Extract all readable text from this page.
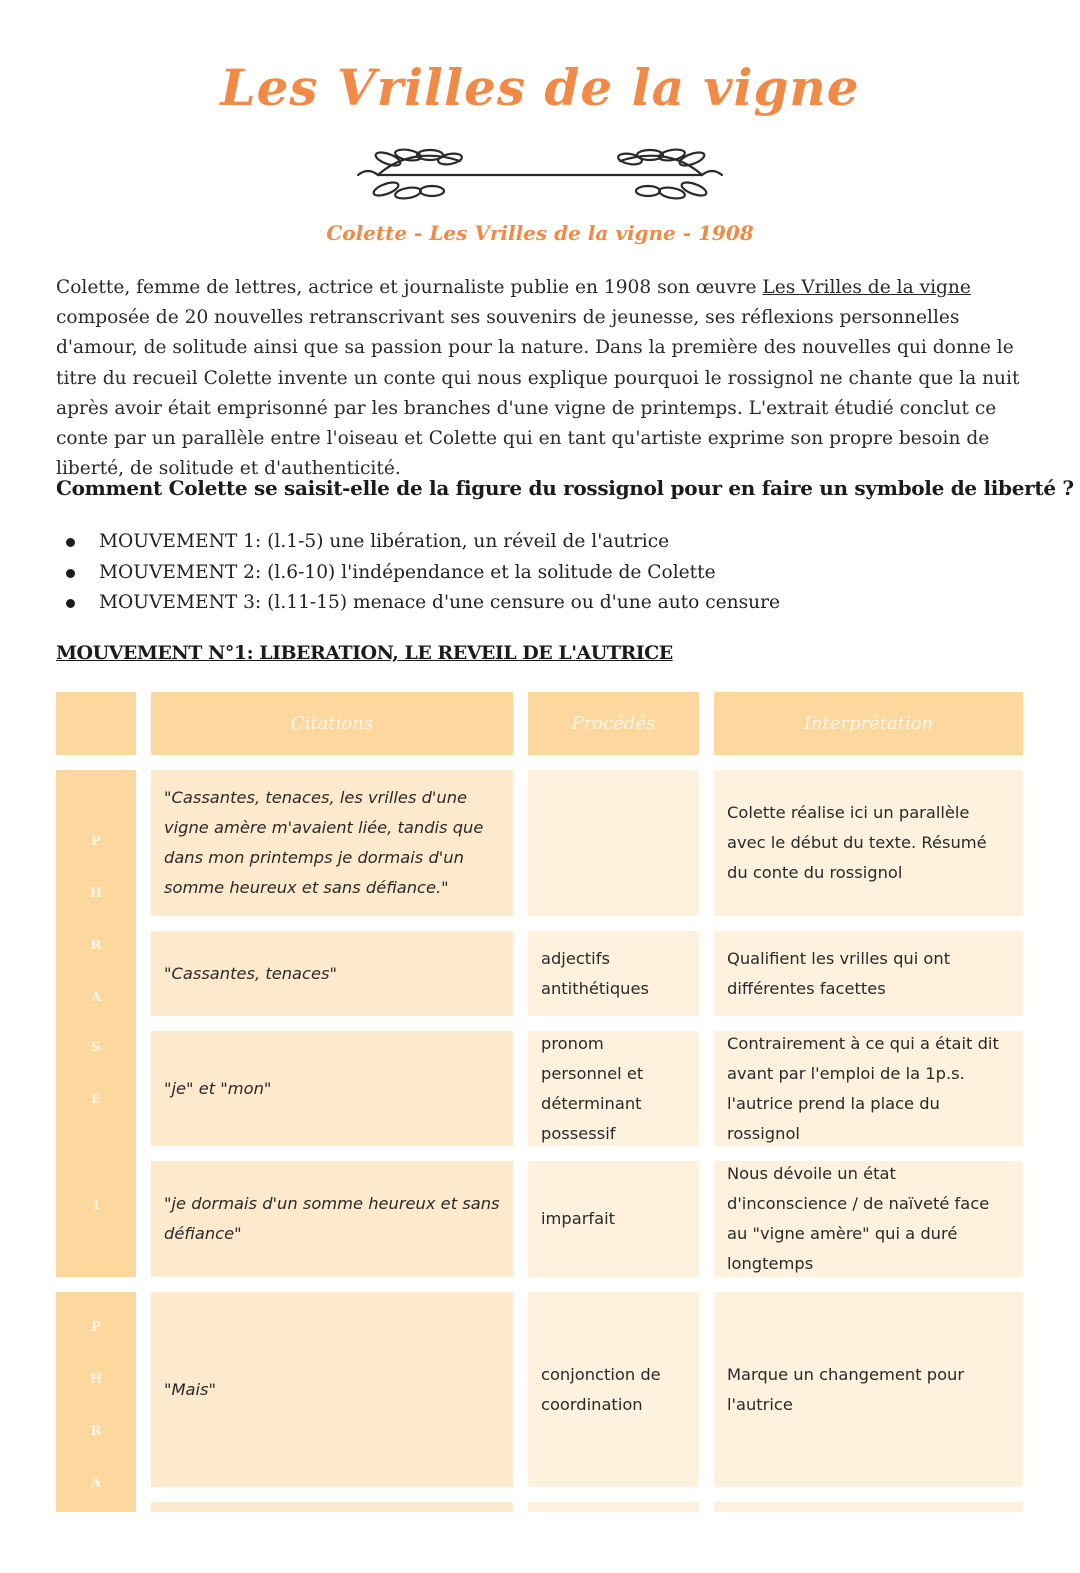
Les Vrilles de la vigne
Colette - Les Vrilles de la vigne - 1908
Colette, femme de lettres, actrice et journaliste publie en 1908 son œuvre Les Vrilles de la vigne composée de 20 nouvelles retranscrivant ses souvenirs de jeunesse, ses réflexions personnelles d'amour, de solitude ainsi que sa passion pour la nature. Dans la première des nouvelles qui donne le titre du recueil Colette invente un conte qui nous explique pourquoi le rossignol ne chante que la nuit après avoir était emprisonné par les branches d'une vigne de printemps. L'extrait étudié conclut ce conte par un parallèle entre l'oiseau et Colette qui en tant qu'artiste exprime son propre besoin de liberté, de solitude et d'authenticité.
Comment Colette se saisit-elle de la figure du rossignol pour en faire un symbole de liberté ?
MOUVEMENT 1: (l.1-5) une libération, un réveil de l'autrice
MOUVEMENT 2: (l.6-10) l'indépendance et la solitude de Colette
MOUVEMENT 3: (l.11-15) menace d'une censure ou d'une auto censure
MOUVEMENT N°1: LIBERATION, LE REVEIL DE L'AUTRICE
Citations	Procédés	Interprétation
P
H
R
A
S
E
1
"Cassantes, tenaces, les vrilles d'une vigne amère m'avaient liée, tandis que dans mon printemps je dormais d'un somme heureux et sans défiance."
Colette réalise ici un parallèle avec le début du texte. Résumé du conte du rossignol
"Cassantes, tenaces"
adjectifs antithétiques
Qualifient les vrilles qui ont différentes facettes
"je" et "mon"
pronom personnel et déterminant possessif
Contrairement à ce qui a était dit avant par l'emploi de la 1p.s. l'autrice prend la place du rossignol
"je dormais d'un somme heureux et sans défiance"
imparfait
Nous dévoile un état d'inconscience / de naïveté face au "vigne amère" qui a duré longtemps
P
H
R
A
"Mais"
conjonction de coordination
Marque un changement pour l'autrice
